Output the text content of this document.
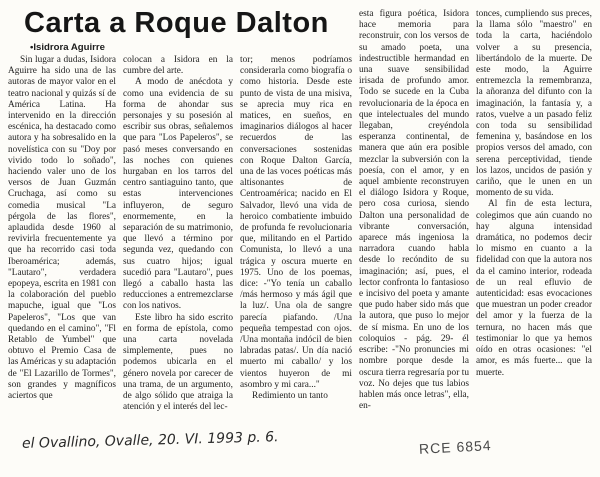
Carta a Roque Dalton
•Isidrora Aguirre

Sin lugar a dudas, Isidora Aguirre ha sido una de las autoras de mayor valor en el teatro nacional y quizás sí de América Latina. Ha intervenido en la dirección escénica, ha destacado como autora y ha sobresalido en la novelística con su "Doy por vivido todo lo soñado", haciendo valer uno de los versos de Juan Guzmán Cruchaga, así como su comedia musical "La pérgola de las flores", aplaudida desde 1960 al revivirla frecuentemente ya que ha recorrido casi toda Iberoamérica; además, "Lautaro", verdadera epopeya, escrita en 1981 con la colaboración del pueblo mapuche, igual que "Los Papeleros", "Los que van quedando en el camino", "Fl Retablo de Yumbel" que obtuvo el Premio Casa de las Américas y su adaptación de "El Lazarillo de Tormes", son grandes y magníficos aciertos que

colocan a Isidora en la cumbre del arte.

A modo de anécdota y como una evidencia de su forma de ahondar sus personajes y su posesión al escribir sus obras, señalemos que para "Los Papeleros", se pasó meses conversando en las noches con quienes hurgaban en los tarros del centro santiaguino tanto, que estas intervenciones influyeron, de seguro enormemente, en la separación de su matrimonio, que llevó a término por segunda vez, quedando con sus cuatro hijos; igual sucedió para "Lautaro", pues llegó a caballo hasta las reducciones a entremezclarse con los nativos.

Este libro ha sido escrito en forma de epístola, como una carta novelada simplemente, pues no podemos ubicarla en el género novela por carecer de una trama, de un argumento, de algo sólido que atraiga la atención y el interés del lec-

tor; menos podríamos considerarla como biografía o como historia. Desde este punto de vista de una misiva, se aprecia muy rica en matices, en sueños, en imaginarios diálogos al hacer recuerdos de las conversaciones sostenidas con Roque Dalton García, una de las voces poéticas más altisonantes de Centroamérica; nacido en El Salvador, llevó una vida de heroico combatiente imbuido de profunda fe revolucionaria que, militando en el Partido Comunista, lo llevó a una trágica y oscura muerte en 1975. Uno de los poemas, dice: -"Yo tenía un caballo /más hermoso y más ágil que la luz/. Una ola de sangre parecía piafando. /Una pequeña tempestad con ojos. /Una montaña indócil de bien labradas patas/. Un día nació muerto mi caballo/ y los vientos huyeron de mi asombro y mi cara..."

Redimiento un tanto

esta figura poética, Isidora hace memoria para reconstruir, con los versos de su amado poeta, una indestructible hermandad en una suave sensibilidad irisada de profundo amor. Todo se sucede en la Cuba revolucionaria de la época en que intelectuales del mundo llegaban, creyéndola esperanza continental, de manera que aún era posible mezclar la subversión con la poesía, con el amor, y en aquel ambiente reconstruyen el diálogo Isidora y Roque, pero cosa curiosa, siendo Dalton una personalidad de vibrante conversación, aparece más ingeniosa la narradora cuando habla desde lo recóndito de su imaginación; así, pues, el lector confronta lo fantasioso e incisivo del poeta y amante que pudo haber sido más que la autora, que puso lo mejor de sí misma. En uno de los coloquios - pág. 29- él escribe: -"No pronuncies mi nombre porque desde la oscura tierra regresaría por tu voz. No dejes que tus labios hablen más once letras", ella, en-

tonces, cumpliendo sus preces, la llama sólo "maestro" en toda la carta, haciéndolo volver a su presencia, libertándolo de la muerte. De este modo, la Aguirre entremezcla la remembranza, la añoranza del difunto con la imaginación, la fantasía y, a ratos, vuelve a un pasado feliz con toda su sensibilidad femenina y, basándose en los propios versos del amado, con serena perceptividad, tiende los lazos, uncidos de pasión y cariño, que le unen en un momento de su vida.

Al fin de esta lectura, colegimos que aún cuando no hay alguna intensidad dramática, no podemos decir lo mismo en cuanto a la fidelidad con que la autora nos da el camino interior, rodeada de un real efluvio de autenticidad: esas evocaciones que muestran un poder creador del amor y la fuerza de la ternura, no hacen más que testimoniar lo que ya hemos oído en otras ocasiones: "el amor, es más fuerte... que la muerte.

el Ovallino, Ovalle, 20. VI. 1993 p. 6.	RCE 6854
